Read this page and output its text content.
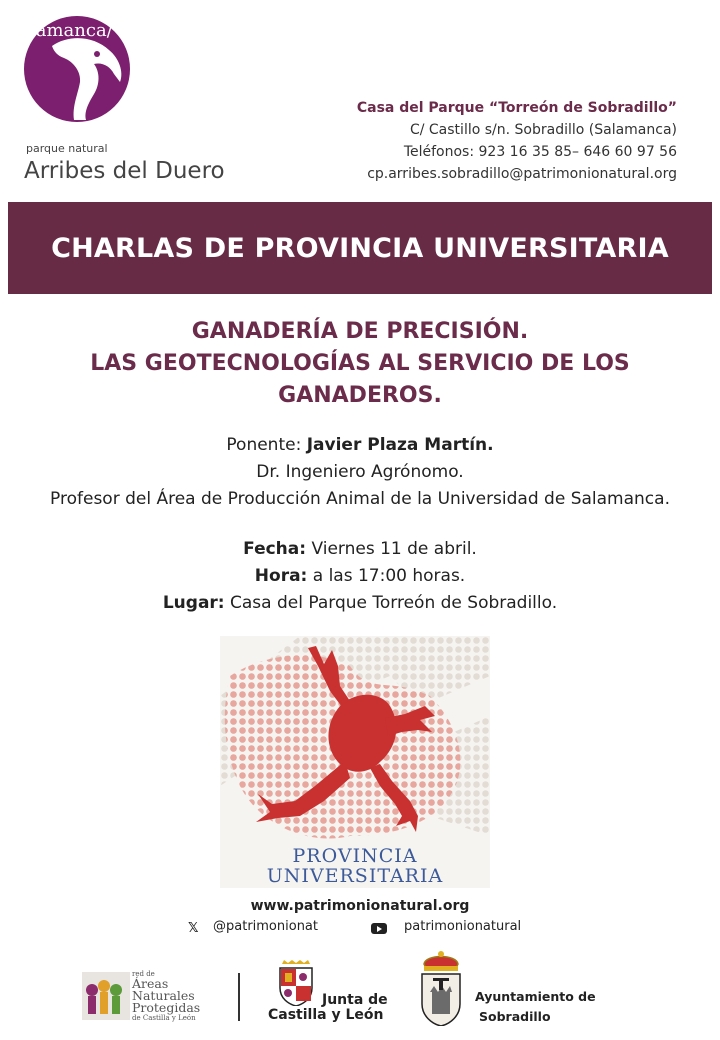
lamanca/
parque natural
Arribes del Duero
Casa del Parque “Torreón de Sobradillo”
C/ Castillo s/n. Sobradillo (Salamanca)
Teléfonos: 923 16 35 85– 646 60 97 56
cp.arribes.sobradillo@patrimonionatural.org
CHARLAS DE PROVINCIA UNIVERSITARIA
GANADERÍA DE PRECISIÓN.
LAS GEOTECNOLOGÍAS AL SERVICIO DE LOS
GANADEROS.
Ponente: Javier Plaza Martín.
Dr. Ingeniero Agrónomo.
Profesor del Área de Producción Animal de la Universidad de Salamanca.
Fecha: Viernes 11 de abril.
Hora: a las 17:00 horas.
Lugar: Casa del Parque Torreón de Sobradillo.
PROVINCIA
UNIVERSITARIA
www.patrimonionatural.org
𝕏 @patrimonionat	patrimonionatural
red de
Áreas
Naturales
Protegidas
de Castilla y León
Junta de
Castilla y León
Ayuntamiento de
Sobradillo
